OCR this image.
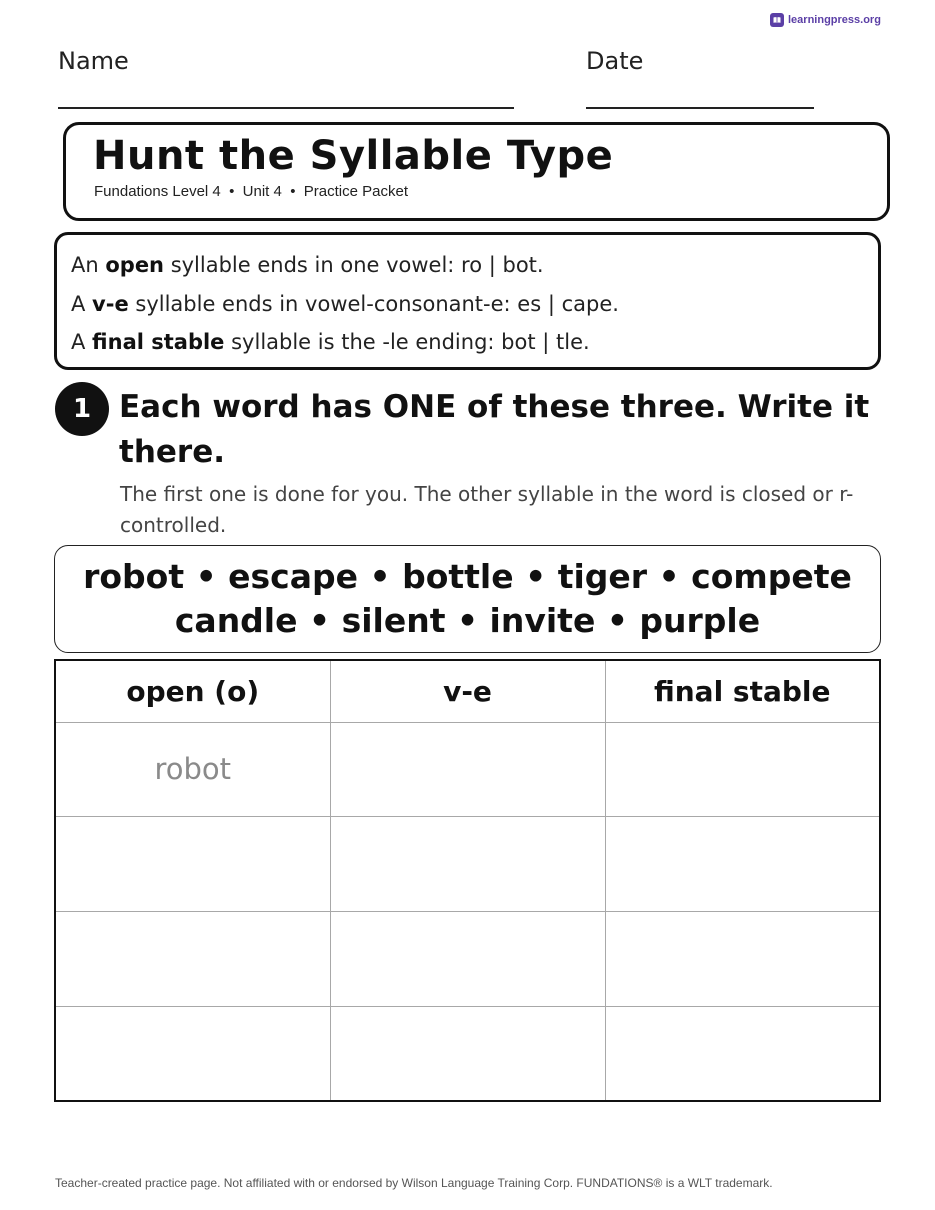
learningpress.org
Name	Date
Hunt the Syllable Type
Fundations Level 4  •  Unit 4  •  Practice Packet
An open syllable ends in one vowel: ro | bot.
A v-e syllable ends in vowel-consonant-e: es | cape.
A final stable syllable is the -le ending: bot | tle.
1 Each word has ONE of these three. Write it there.
The first one is done for you. The other syllable in the word is closed or r-controlled.
robot • escape • bottle • tiger • compete
candle • silent • invite • purple
open (o)	v-e	final stable
robot		

Teacher-created practice page. Not affiliated with or endorsed by Wilson Language Training Corp. FUNDATIONS® is a WLT trademark.
